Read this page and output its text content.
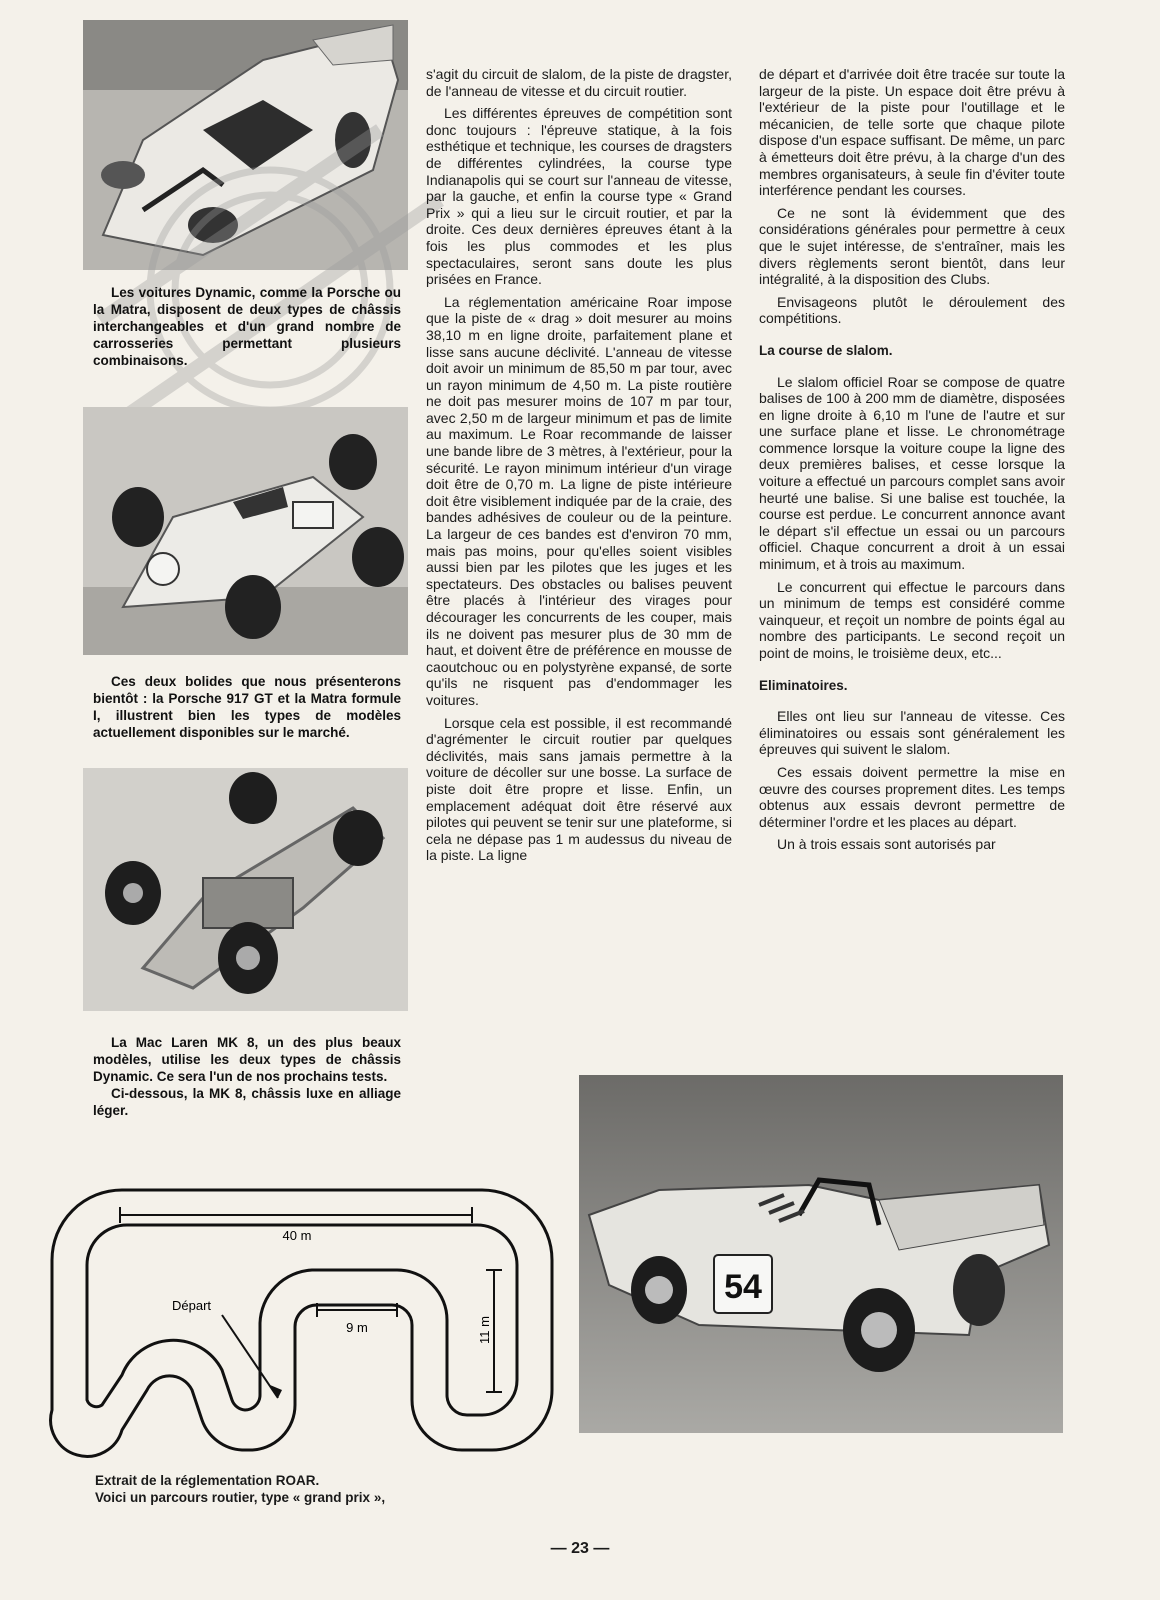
Les voitures Dynamic, comme la Porsche ou la Matra, disposent de deux types de châssis interchangeables et d'un grand nombre de carrosseries permettant plusieurs combinaisons.

Ces deux bolides que nous présenterons bientôt : la Porsche 917 GT et la Matra formule I, illustrent bien les types de modèles actuellement disponibles sur le marché.

La Mac Laren MK 8, un des plus beaux modèles, utilise les deux types de châssis Dynamic. Ce sera l'un de nos prochains tests.

Ci-dessous, la MK 8, châssis luxe en alliage léger.

s'agit du circuit de slalom, de la piste de dragster, de l'anneau de vitesse et du circuit routier.

Les différentes épreuves de compétition sont donc toujours : l'épreuve statique, à la fois esthétique et technique, les courses de dragsters de différentes cylindrées, la course type Indianapolis qui se court sur l'anneau de vitesse, par la gauche, et enfin la course type « Grand Prix » qui a lieu sur le circuit routier, et par la droite. Ces deux dernières épreuves étant à la fois les plus commodes et les plus spectaculaires, seront sans doute les plus prisées en France.

La réglementation américaine Roar impose que la piste de « drag » doit mesurer au moins 38,10 m en ligne droite, parfaitement plane et lisse sans aucune déclivité. L'anneau de vitesse doit avoir un minimum de 85,50 m par tour, avec un rayon minimum de 4,50 m. La piste routière ne doit pas mesurer moins de 107 m par tour, avec 2,50 m de largeur minimum et pas de limite au maximum. Le Roar recommande de laisser une bande libre de 3 mètres, à l'extérieur, pour la sécurité. Le rayon minimum intérieur d'un virage doit être de 0,70 m. La ligne de piste intérieure doit être visiblement indiquée par de la craie, des bandes adhésives de couleur ou de la peinture. La largeur de ces bandes est d'environ 70 mm, mais pas moins, pour qu'elles soient visibles aussi bien par les pilotes que les juges et les spectateurs. Des obstacles ou balises peuvent être placés à l'intérieur des virages pour décourager les concurrents de les couper, mais ils ne doivent pas mesurer plus de 30 mm de haut, et doivent être de préférence en mousse de caoutchouc ou en polystyrène expansé, de sorte qu'ils ne risquent pas d'endommager les voitures.

Lorsque cela est possible, il est recommandé d'agrémenter le circuit routier par quelques déclivités, mais sans jamais permettre à la voiture de décoller sur une bosse. La surface de piste doit être propre et lisse. Enfin, un emplacement adéquat doit être réservé aux pilotes qui peuvent se tenir sur une plateforme, si cela ne dépase pas 1 m audessus du niveau de la piste. La ligne

de départ et d'arrivée doit être tracée sur toute la largeur de la piste. Un espace doit être prévu à l'extérieur de la piste pour l'outillage et le mécanicien, de telle sorte que chaque pilote dispose d'un espace suffisant. De même, un parc à émetteurs doit être prévu, à la charge d'un des membres organisateurs, à seule fin d'éviter toute interférence pendant les courses.

Ce ne sont là évidemment que des considérations générales pour permettre à ceux que le sujet intéresse, de s'entraîner, mais les divers règlements seront bientôt, dans leur intégralité, à la disposition des Clubs.

Envisageons plutôt le déroulement des compétitions.

La course de slalom.

Le slalom officiel Roar se compose de quatre balises de 100 à 200 mm de diamètre, disposées en ligne droite à 6,10 m l'une de l'autre et sur une surface plane et lisse. Le chronométrage commence lorsque la voiture coupe la ligne des deux premières balises, et cesse lorsque la voiture a effectué un parcours complet sans avoir heurté une balise. Si une balise est touchée, la course est perdue. Le concurrent annonce avant le départ s'il effectue un essai ou un parcours officiel. Chaque concurrent a droit à un essai minimum, et à trois au maximum.

Le concurrent qui effectue le parcours dans un minimum de temps est considéré comme vainqueur, et reçoit un nombre de points égal au nombre des participants. Le second reçoit un point de moins, le troisième deux, etc...

Eliminatoires.

Elles ont lieu sur l'anneau de vitesse. Ces éliminatoires ou essais sont généralement les épreuves qui suivent le slalom.

Ces essais doivent permettre la mise en œuvre des courses proprement dites. Les temps obtenus aux essais devront permettre de déterminer l'ordre et les places au départ.

Un à trois essais sont autorisés par

54
40 m
9 m	11 m
Départ
Extrait de la réglementation ROAR.
Voici un parcours routier, type « grand prix »,
— 23 —
